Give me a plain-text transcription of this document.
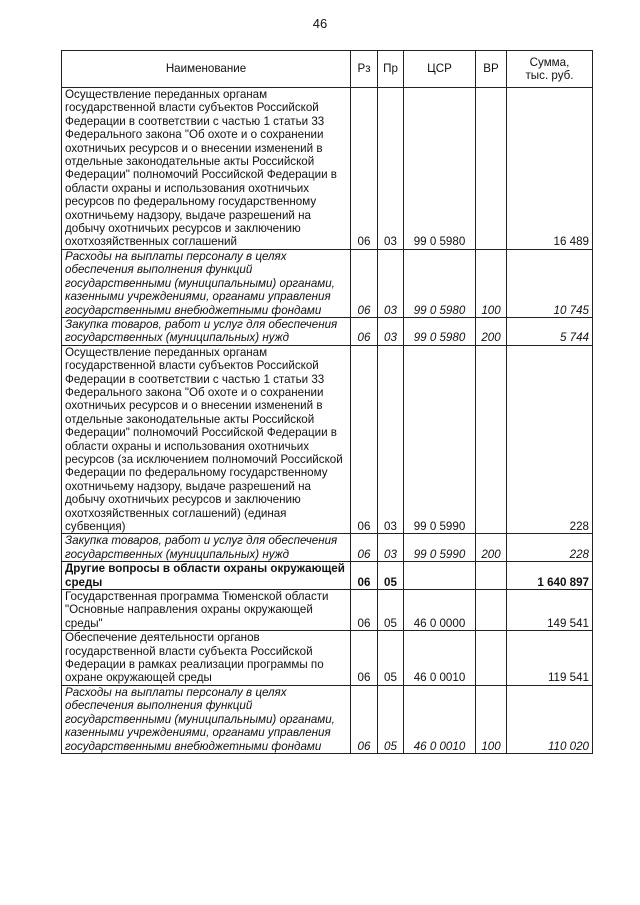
46
Наименование	Рз	Пр	ЦСР	ВР	Сумма,
тыс. руб.

Осуществление переданных органам государственной власти субъектов Российской Федерации в соответствии с частью 1 статьи 33 Федерального закона "Об охоте и о сохранении охотничьих ресурсов и о внесении изменений в отдельные законодательные акты Российской Федерации" полномочий Российской Федерации в области охраны и использования охотничьих ресурсов по федеральному государственному охотничьему надзору, выдаче разрешений на добычу охотничьих ресурсов и заключению охотхозяйственных соглашений	06	03	99 0 5980		16 489
Расходы на выплаты персоналу в целях обеспечения выполнения функций государственными (муниципальными) органами, казенными учреждениями, органами управления государственными внебюджетными фондами	06	03	99 0 5980	100	10 745
Закупка товаров, работ и услуг для обеспечения государственных (муниципальных) нужд	06	03	99 0 5980	200	5 744
Осуществление переданных органам государственной власти субъектов Российской Федерации в соответствии с частью 1 статьи 33 Федерального закона "Об охоте и о сохранении охотничьих ресурсов и о внесении изменений в отдельные законодательные акты Российской Федерации" полномочий Российской Федерации в области охраны и использования охотничьих ресурсов (за исключением полномочий Российской Федерации по федеральному государственному охотничьему надзору, выдаче разрешений на добычу охотничьих ресурсов и заключению охотхозяйственных соглашений) (единая субвенция)	06	03	99 0 5990		228
Закупка товаров, работ и услуг для обеспечения государственных (муниципальных) нужд	06	03	99 0 5990	200	228
Другие вопросы в области охраны окружающей среды	06	05			1 640 897
Государственная программа Тюменской области "Основные направления охраны окружающей среды"	06	05	46 0 0000		149 541
Обеспечение деятельности органов государственной власти субъекта Российской Федерации в рамках реализации программы по охране окружающей среды	06	05	46 0 0010		119 541
Расходы на выплаты персоналу в целях обеспечения выполнения функций государственными (муниципальными) органами, казенными учреждениями, органами управления государственными внебюджетными фондами	06	05	46 0 0010	100	110 020
